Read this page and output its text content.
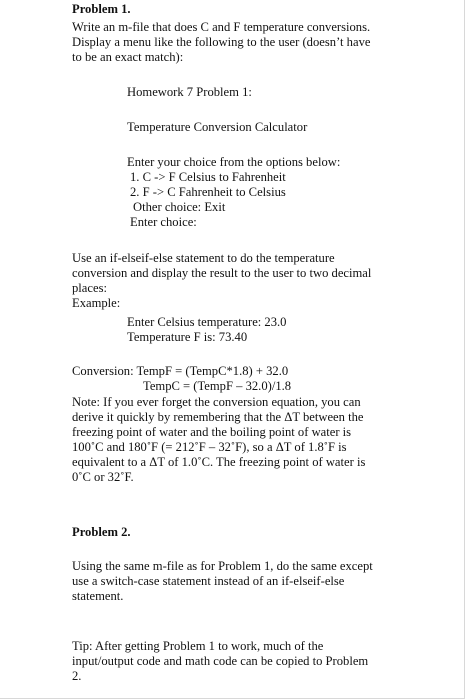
Problem 1.
Write an m-file that does C and F temperature conversions.
Display a menu like the following to the user (doesn’t have
to be an exact match):
Homework 7 Problem 1:
Temperature Conversion Calculator
Enter your choice from the options below:
1. C -> F Celsius to Fahrenheit
2. F -> C Fahrenheit to Celsius
Other choice: Exit
Enter choice:
Use an if-elseif-else statement to do the temperature
conversion and display the result to the user to two decimal
places:
Example:
Enter Celsius temperature: 23.0
Temperature F is: 73.40
Conversion: TempF = (TempC*1.8) + 32.0
TempC = (TempF – 32.0)/1.8
Note: If you ever forget the conversion equation, you can
derive it quickly by remembering that the ΔT between the
freezing point of water and the boiling point of water is
100˚C and 180˚F (= 212˚F – 32˚F), so a ΔT of 1.8˚F is
equivalent to a ΔT of 1.0˚C. The freezing point of water is
0˚C or 32˚F.
Problem 2.
Using the same m-file as for Problem 1, do the same except
use a switch-case statement instead of an if-elseif-else
statement.
Tip: After getting Problem 1 to work, much of the
input/output code and math code can be copied to Problem
2.
